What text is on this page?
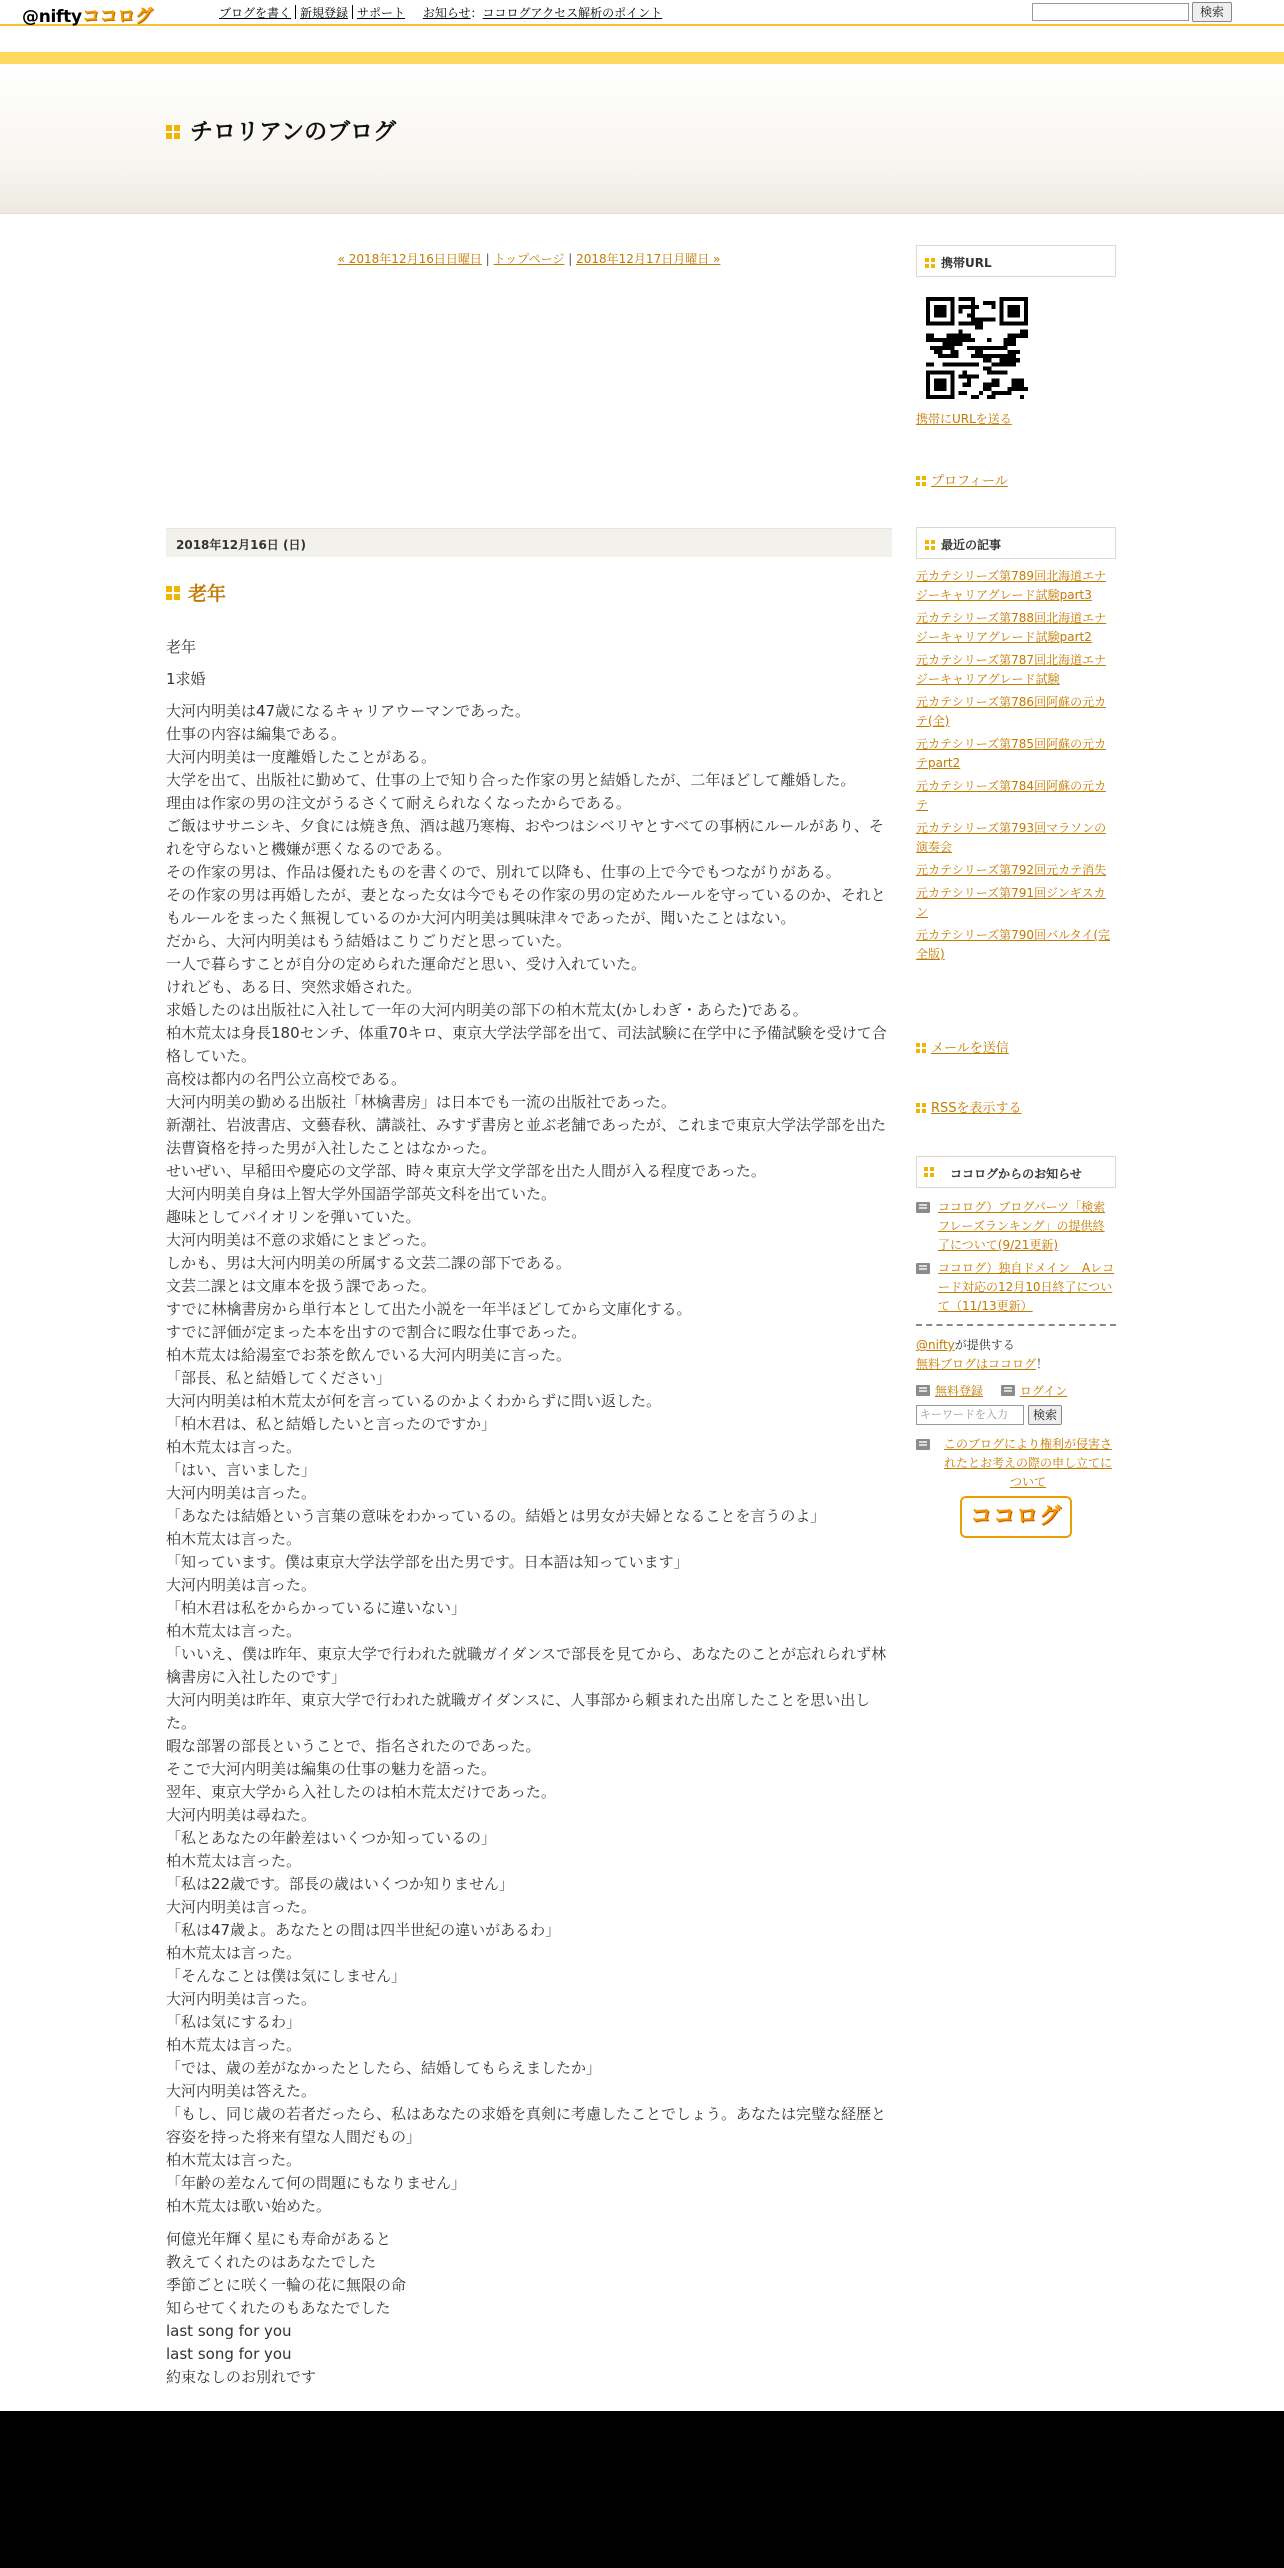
@niftyココログ	ブログを書く 新規登録 サポート お知らせ：ココログアクセス解析のポイント	検索
チロリアンのブログ
« 2018年12月16日日曜日 | トップページ | 2018年12月17日月曜日 »
2018年12月16日 (日)
老年

老年

1求婚

大河内明美は47歳になるキャリアウーマンであった。
仕事の内容は編集である。
大河内明美は一度離婚したことがある。
大学を出て、出版社に勤めて、仕事の上で知り合った作家の男と結婚したが、二年ほどして離婚した。
理由は作家の男の注文がうるさくて耐えられなくなったからである。
ご飯はササニシキ、夕食には焼き魚、酒は越乃寒梅、おやつはシベリヤとすべての事柄にルールがあり、それを守らないと機嫌が悪くなるのである。
その作家の男は、作品は優れたものを書くので、別れて以降も、仕事の上で今でもつながりがある。
その作家の男は再婚したが、妻となった女は今でもその作家の男の定めたルールを守っているのか、それともルールをまったく無視しているのか大河内明美は興味津々であったが、聞いたことはない。
だから、大河内明美はもう結婚はこりごりだと思っていた。
一人で暮らすことが自分の定められた運命だと思い、受け入れていた。
けれども、ある日、突然求婚された。
求婚したのは出版社に入社して一年の大河内明美の部下の柏木荒太(かしわぎ・あらた)である。
柏木荒太は身長180センチ、体重70キロ、東京大学法学部を出て、司法試験に在学中に予備試験を受けて合格していた。
高校は都内の名門公立高校である。
大河内明美の勤める出版社「林檎書房」は日本でも一流の出版社であった。
新潮社、岩波書店、文藝春秋、講談社、みすず書房と並ぶ老舗であったが、これまで東京大学法学部を出た法曹資格を持った男が入社したことはなかった。
せいぜい、早稲田や慶応の文学部、時々東京大学文学部を出た人間が入る程度であった。
大河内明美自身は上智大学外国語学部英文科を出ていた。
趣味としてバイオリンを弾いていた。
大河内明美は不意の求婚にとまどった。
しかも、男は大河内明美の所属する文芸二課の部下である。
文芸二課とは文庫本を扱う課であった。
すでに林檎書房から単行本として出た小説を一年半ほどしてから文庫化する。
すでに評価が定まった本を出すので割合に暇な仕事であった。
柏木荒太は給湯室でお茶を飲んでいる大河内明美に言った。
「部長、私と結婚してください」
大河内明美は柏木荒太が何を言っているのかよくわからずに問い返した。
「柏木君は、私と結婚したいと言ったのですか」
柏木荒太は言った。
「はい、言いました」
大河内明美は言った。
「あなたは結婚という言葉の意味をわかっているの。結婚とは男女が夫婦となることを言うのよ」
柏木荒太は言った。
「知っています。僕は東京大学法学部を出た男です。日本語は知っています」
大河内明美は言った。
「柏木君は私をからかっているに違いない」
柏木荒太は言った。
「いいえ、僕は昨年、東京大学で行われた就職ガイダンスで部長を見てから、あなたのことが忘れられず林檎書房に入社したのです」
大河内明美は昨年、東京大学で行われた就職ガイダンスに、人事部から頼まれた出席したことを思い出した。
暇な部署の部長ということで、指名されたのであった。
そこで大河内明美は編集の仕事の魅力を語った。
翌年、東京大学から入社したのは柏木荒太だけであった。
大河内明美は尋ねた。
「私とあなたの年齢差はいくつか知っているの」
柏木荒太は言った。
「私は22歳です。部長の歳はいくつか知りません」
大河内明美は言った。
「私は47歳よ。あなたとの間は四半世紀の違いがあるわ」
柏木荒太は言った。
「そんなことは僕は気にしません」
大河内明美は言った。
「私は気にするわ」
柏木荒太は言った。
「では、歳の差がなかったとしたら、結婚してもらえましたか」
大河内明美は答えた。
「もし、同じ歳の若者だったら、私はあなたの求婚を真剣に考慮したことでしょう。あなたは完璧な経歴と容姿を持った将来有望な人間だもの」
柏木荒太は言った。
「年齢の差なんて何の問題にもなりません」
柏木荒太は歌い始めた。
何億光年輝く星にも寿命があると
教えてくれたのはあなたでした
季節ごとに咲く一輪の花に無限の命
知らせてくれたのもあなたでした
last song for you
last song for you
約束なしのお別れです
携帯URL
携帯にURLを送る
プロフィール
最近の記事
元カテシリーズ第789回北海道エナジーキャリアグレード試験part3
元カテシリーズ第788回北海道エナジーキャリアグレード試験part2
元カテシリーズ第787回北海道エナジーキャリアグレード試験
元カテシリーズ第786回阿蘇の元カテ(全)
元カテシリーズ第785回阿蘇の元カテpart2
元カテシリーズ第784回阿蘇の元カテ
元カテシリーズ第793回マラソンの演奏会
元カテシリーズ第792回元カテ消失
元カテシリーズ第791回ジンギスカン
元カテシリーズ第790回バルタイ(完全版)
メールを送信
RSSを表示する
ココログからのお知らせ
ココログ）ブログパーツ「検索フレーズランキング」の提供終了について(9/21更新)
ココログ）独自ドメイン　Aレコード対応の12月10日終了について（11/13更新）
@niftyが提供する
無料ブログはココログ！
無料登録	ログイン
キーワードを入力 検索
このブログにより権利が侵害されたとお考えの際の申し立てについて
ココログ
